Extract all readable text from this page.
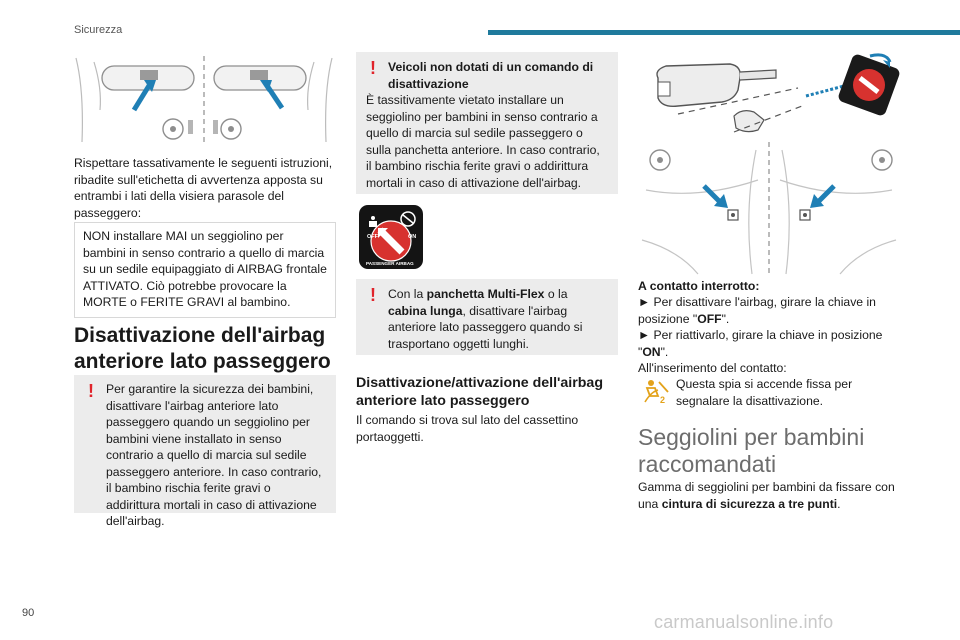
Sicurezza
Rispettare tassativamente le seguenti istruzioni, ribadite sull'etichetta di avvertenza apposta su entrambi i lati della visiera parasole del passeggero:
NON installare MAI un seggiolino per bambini in senso contrario a quello di marcia su un sedile equipaggiato di AIRBAG frontale ATTIVATO. Ciò potrebbe provocare la MORTE o FERITE GRAVI al bambino.
Disattivazione dell'airbag anteriore lato passeggero
! Per garantire la sicurezza dei bambini, disattivare l'airbag anteriore lato passeggero quando un seggiolino per bambini viene installato in senso contrario a quello di marcia sul sedile passeggero anteriore. In caso contrario, il bambino rischia ferite gravi o addirittura mortali in caso di attivazione dell'airbag.
! Veicoli non dotati di un comando di disattivazione
È tassitivamente vietato installare un seggiolino per bambini in senso contrario a quello di marcia sul sedile passeggero o sulla panchetta anteriore. In caso contrario, il bambino rischia ferite gravi o addirittura mortali in caso di attivazione dell'airbag.
OFF	ON
PASSENGER AIRBAG
! Con la panchetta Multi-Flex o la cabina lunga, disattivare l'airbag anteriore lato passeggero quando si trasportano oggetti lunghi.
Disattivazione/attivazione dell'airbag anteriore lato passeggero
Il comando si trova sul lato del cassettino portaoggetti.
A contatto interrotto:
► Per disattivare l'airbag, girare la chiave in posizione "OFF".
► Per riattivarlo, girare la chiave in posizione "ON".
All'inserimento del contatto:
2
Questa spia si accende fissa per segnalare la disattivazione.
Seggiolini per bambini raccomandati
Gamma di seggiolini per bambini da fissare con una cintura di sicurezza a tre punti.
90	carmanualsonline.info
